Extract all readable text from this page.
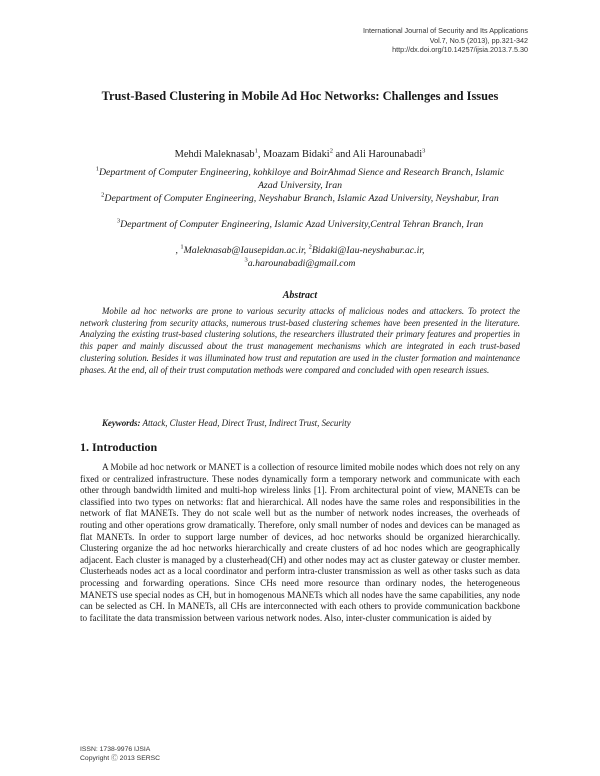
International Journal of Security and Its Applications
Vol.7, No.5 (2013), pp.321-342
http://dx.doi.org/10.14257/ijsia.2013.7.5.30
Trust-Based Clustering in Mobile Ad Hoc Networks: Challenges and Issues
Mehdi Maleknasab$^1$, Moazam Bidaki$^2$ and Ali Harounabadi$^3$
$^1$Department of Computer Engineering, kohkiloye and BoirAhmad Sience and Research Branch, Islamic Azad University, Iran
$^2$Department of Computer Engineering, Neyshabur Branch, Islamic Azad University, Neyshabur, Iran
$^3$Department of Computer Engineering, Islamic Azad University,Central Tehran Branch, Iran
, $^1$Maleknasab@Iausepidan.ac.ir, $^2$Bidaki@Iau-neyshabur.ac.ir,
$^3$a.harounabadi@gmail.com
Abstract
Mobile ad hoc networks are prone to various security attacks of malicious nodes and attackers. To protect the network clustering from security attacks, numerous trust-based clustering schemes have been presented in the literature. Analyzing the existing trust-based clustering solutions, the researchers illustrated their primary features and properties in this paper and mainly discussed about the trust management mechanisms which are integrated in each trust-based clustering solution. Besides it was illuminated how trust and reputation are used in the cluster formation and maintenance phases. At the end, all of their trust computation methods were compared and concluded with open research issues.
Keywords: Attack, Cluster Head, Direct Trust, Indirect Trust, Security
1. Introduction
A Mobile ad hoc network or MANET is a collection of resource limited mobile nodes which does not rely on any fixed or centralized infrastructure. These nodes dynamically form a temporary network and communicate with each other through bandwidth limited and multi-hop wireless links [1]. From architectural point of view, MANETs can be classified into two types on networks: flat and hierarchical. All nodes have the same roles and responsibilities in the network of flat MANETs. They do not scale well but as the number of network nodes increases, the overheads of routing and other operations grow dramatically. Therefore, only small number of nodes and devices can be managed as flat MANETs. In order to support large number of devices, ad hoc networks should be organized hierarchically. Clustering organize the ad hoc networks hierarchically and create clusters of ad hoc nodes which are geographically adjacent. Each cluster is managed by a clusterhead(CH) and other nodes may act as cluster gateway or cluster member. Clusterheads nodes act as a local coordinator and perform intra-cluster transmission as well as other tasks such as data processing and forwarding operations. Since CHs need more resource than ordinary nodes, the heterogeneous MANETS use special nodes as CH, but in homogenous MANETs which all nodes have the same capabilities, any node can be selected as CH. In MANETs, all CHs are interconnected with each others to provide communication backbone to facilitate the data transmission between various network nodes. Also, inter-cluster communication is aided by
ISSN: 1738-9976 IJSIA
Copyright Ⓒ 2013 SERSC
